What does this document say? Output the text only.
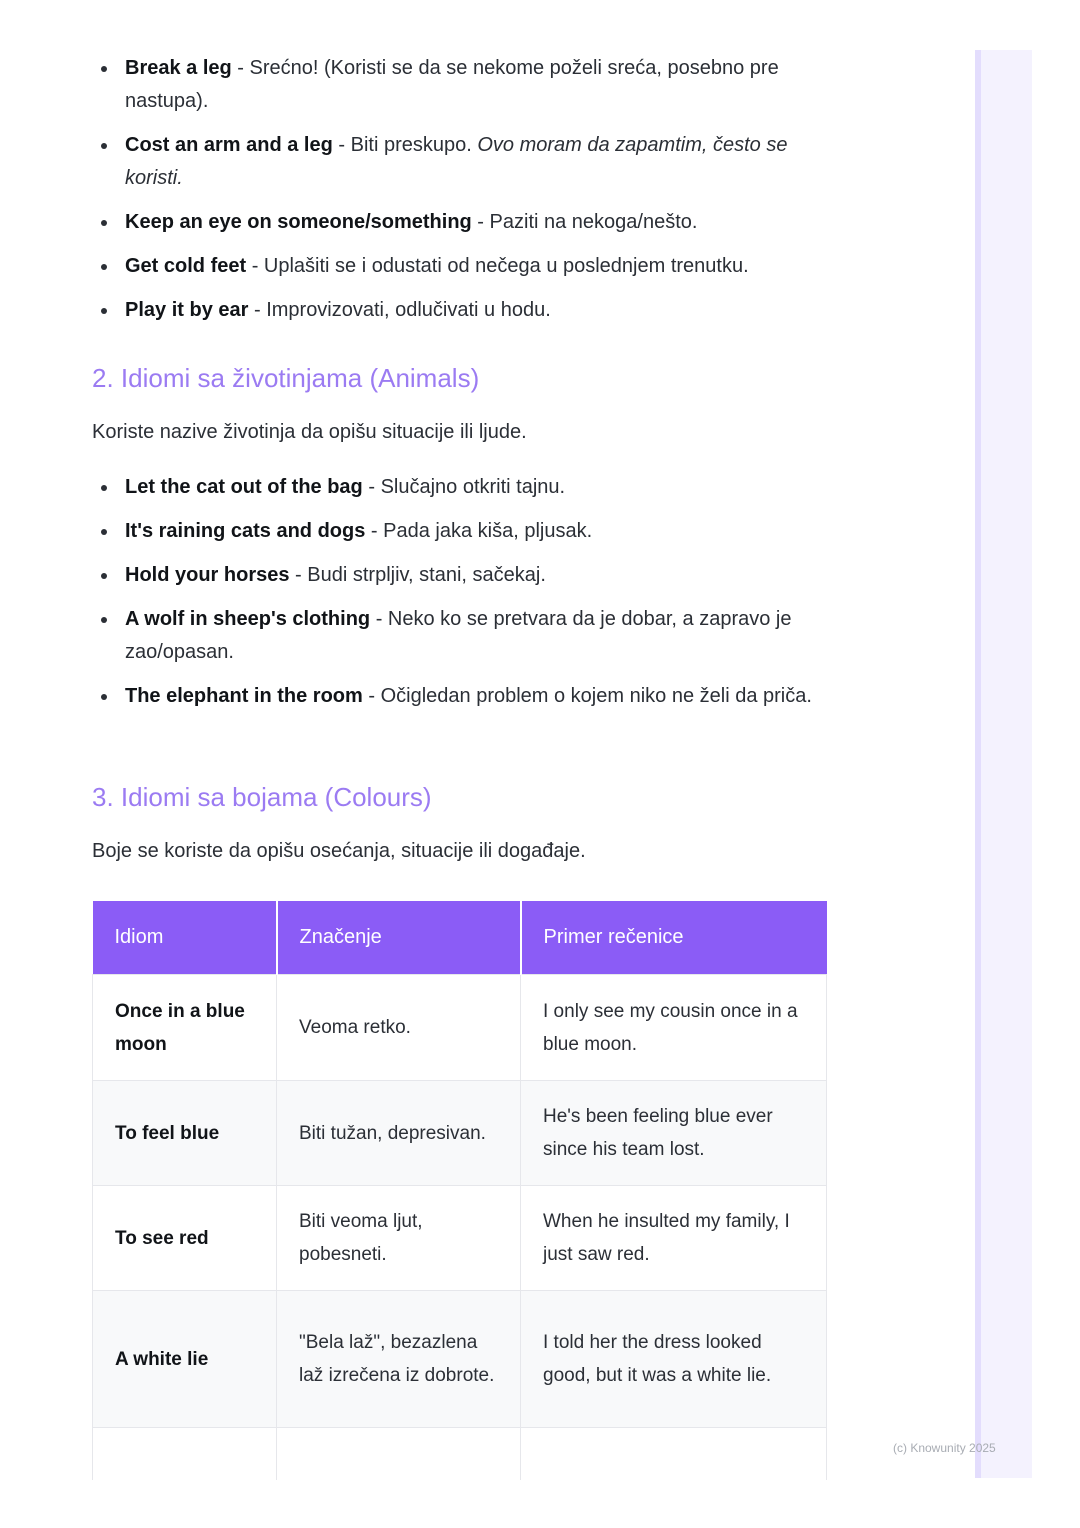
Break a leg - Srećno! (Koristi se da se nekome poželi sreća, posebno pre nastupa).
Cost an arm and a leg - Biti preskupo. Ovo moram da zapamtim, često se koristi.
Keep an eye on someone/something - Paziti na nekoga/nešto.
Get cold feet - Uplašiti se i odustati od nečega u poslednjem trenutku.
Play it by ear - Improvizovati, odlučivati u hodu.
2. Idiomi sa životinjama (Animals)

Koriste nazive životinja da opišu situacije ili ljude.

Let the cat out of the bag - Slučajno otkriti tajnu.
It's raining cats and dogs - Pada jaka kiša, pljusak.
Hold your horses - Budi strpljiv, stani, sačekaj.
A wolf in sheep's clothing - Neko ko se pretvara da je dobar, a zapravo je zao/opasan.
The elephant in the room - Očigledan problem o kojem niko ne želi da priča.
3. Idiomi sa bojama (Colours)

Boje se koriste da opišu osećanja, situacije ili događaje.

Idiom	Značenje	Primer rečenice
Once in a blue moon	Veoma retko.	I only see my cousin once in a blue moon.
To feel blue	Biti tužan, depresivan.	He's been feeling blue ever since his team lost.
To see red	Biti veoma ljut, pobesneti.	When he insulted my family, I just saw red.
A white lie	"Bela laž", bezazlena laž izrečena iz dobrote.	I told her the dress looked good, but it was a white lie.

(c) Knowunity 2025
